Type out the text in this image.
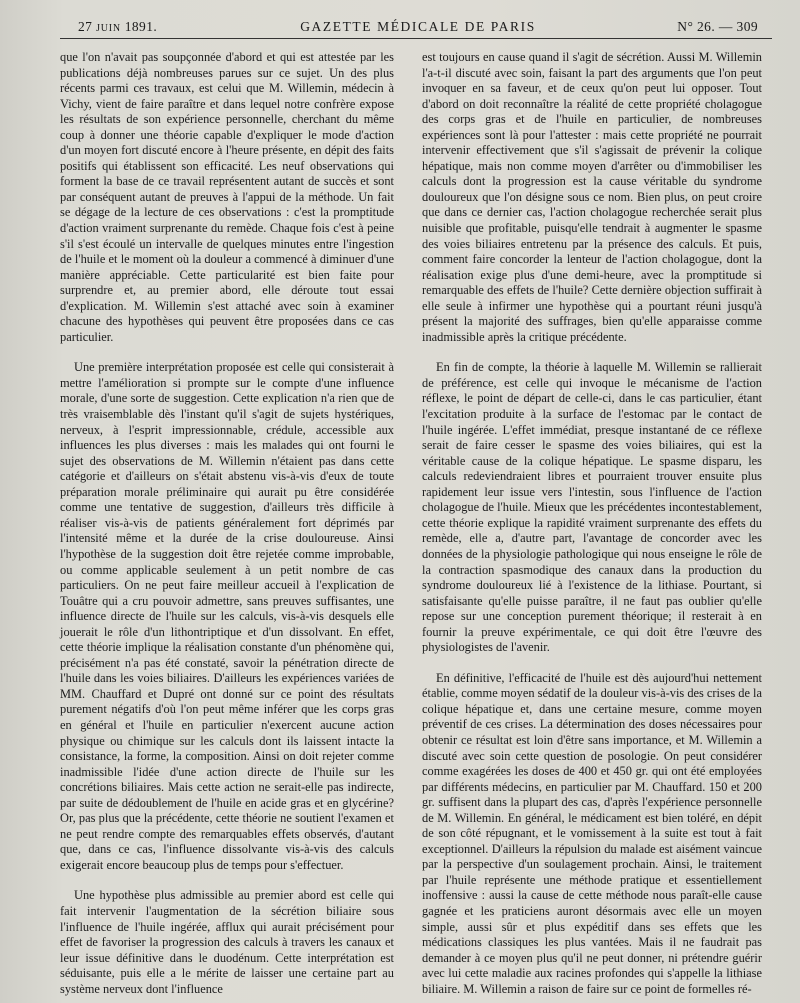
27 JUIN 1891.	GAZETTE MÉDICALE DE PARIS	N° 26. — 309

que l'on n'avait pas soupçonnée d'abord et qui est attestée par les publications déjà nombreuses parues sur ce sujet. Un des plus récents parmi ces travaux, est celui que M. Willemin, médecin à Vichy, vient de faire paraître et dans lequel notre confrère expose les résultats de son expérience personnelle, cherchant du même coup à donner une théorie capable d'expliquer le mode d'action d'un moyen fort discuté encore à l'heure présente, en dépit des faits positifs qui établissent son efficacité. Les neuf observations qui forment la base de ce travail représentent autant de succès et sont par conséquent autant de preuves à l'appui de la méthode. Un fait se dégage de la lecture de ces observations : c'est la promptitude d'action vraiment surprenante du remède. Chaque fois c'est à peine s'il s'est écoulé un intervalle de quelques minutes entre l'ingestion de l'huile et le moment où la douleur a commencé à diminuer d'une manière appréciable. Cette particularité est bien faite pour surprendre et, au premier abord, elle déroute tout essai d'explication. M. Willemin s'est attaché avec soin à examiner chacune des hypothèses qui peuvent être proposées dans ce cas particulier.

Une première interprétation proposée est celle qui consisterait à mettre l'amélioration si prompte sur le compte d'une influence morale, d'une sorte de suggestion. Cette explication n'a rien que de très vraisemblable dès l'instant qu'il s'agit de sujets hystériques, nerveux, à l'esprit impressionnable, crédule, accessible aux influences les plus diverses : mais les malades qui ont fourni le sujet des observations de M. Willemin n'étaient pas dans cette catégorie et d'ailleurs on s'était abstenu vis-à-vis d'eux de toute préparation morale préliminaire qui aurait pu être considérée comme une tentative de suggestion, d'ailleurs très difficile à réaliser vis-à-vis de patients généralement fort déprimés par l'intensité même et la durée de la crise douloureuse. Ainsi l'hypothèse de la suggestion doit être rejetée comme improbable, ou comme applicable seulement à un petit nombre de cas particuliers. On ne peut faire meilleur accueil à l'explication de Touâtre qui a cru pouvoir admettre, sans preuves suffisantes, une influence directe de l'huile sur les calculs, vis-à-vis desquels elle jouerait le rôle d'un lithontriptique et d'un dissolvant. En effet, cette théorie implique la réalisation constante d'un phénomène qui, précisément n'a pas été constaté, savoir la pénétration directe de l'huile dans les voies biliaires. D'ailleurs les expériences variées de MM. Chauffard et Dupré ont donné sur ce point des résultats purement négatifs d'où l'on peut même inférer que les corps gras en général et l'huile en particulier n'exercent aucune action physique ou chimique sur les calculs dont ils laissent intacte la consistance, la forme, la composition. Ainsi on doit rejeter comme inadmissible l'idée d'une action directe de l'huile sur les concrétions biliaires. Mais cette action ne serait-elle pas indirecte, par suite de dédoublement de l'huile en acide gras et en glycérine? Or, pas plus que la précédente, cette théorie ne soutient l'examen et ne peut rendre compte des remarquables effets observés, d'autant que, dans ce cas, l'influence dissolvante vis-à-vis des calculs exigerait encore beaucoup plus de temps pour s'effectuer.

Une hypothèse plus admissible au premier abord est celle qui fait intervenir l'augmentation de la sécrétion biliaire sous l'influence de l'huile ingérée, afflux qui aurait précisément pour effet de favoriser la progression des calculs à travers les canaux et leur issue définitive dans le duodénum. Cette interprétation est séduisante, puis elle a le mérite de laisser une certaine part au système nerveux dont l'influence

est toujours en cause quand il s'agit de sécrétion. Aussi M. Willemin l'a-t-il discuté avec soin, faisant la part des arguments que l'on peut invoquer en sa faveur, et de ceux qu'on peut lui opposer. Tout d'abord on doit reconnaître la réalité de cette propriété cholagogue des corps gras et de l'huile en particulier, de nombreuses expériences sont là pour l'attester : mais cette propriété ne pourrait intervenir effectivement que s'il s'agissait de prévenir la colique hépatique, mais non comme moyen d'arrêter ou d'immobiliser les calculs dont la progression est la cause véritable du syndrome douloureux que l'on désigne sous ce nom. Bien plus, on peut croire que dans ce dernier cas, l'action cholagogue recherchée serait plus nuisible que profitable, puisqu'elle tendrait à augmenter le spasme des voies biliaires entretenu par la présence des calculs. Et puis, comment faire concorder la lenteur de l'action cholagogue, dont la réalisation exige plus d'une demi-heure, avec la promptitude si remarquable des effets de l'huile? Cette dernière objection suffirait à elle seule à infirmer une hypothèse qui a pourtant réuni jusqu'à présent la majorité des suffrages, bien qu'elle apparaisse comme inadmissible après la critique précédente.

En fin de compte, la théorie à laquelle M. Willemin se rallierait de préférence, est celle qui invoque le mécanisme de l'action réflexe, le point de départ de celle-ci, dans le cas particulier, étant l'excitation produite à la surface de l'estomac par le contact de l'huile ingérée. L'effet immédiat, presque instantané de ce réflexe serait de faire cesser le spasme des voies biliaires, qui est la véritable cause de la colique hépatique. Le spasme disparu, les calculs redeviendraient libres et pourraient trouver ensuite plus rapidement leur issue vers l'intestin, sous l'influence de l'action cholagogue de l'huile. Mieux que les précédentes incontestablement, cette théorie explique la rapidité vraiment surprenante des effets du remède, elle a, d'autre part, l'avantage de concorder avec les données de la physiologie pathologique qui nous enseigne le rôle de la contraction spasmodique des canaux dans la production du syndrome douloureux lié à l'existence de la lithiase. Pourtant, si satisfaisante qu'elle puisse paraître, il ne faut pas oublier qu'elle repose sur une conception purement théorique; il resterait à en fournir la preuve expérimentale, ce qui doit être l'œuvre des physiologistes de l'avenir.

En définitive, l'efficacité de l'huile est dès aujourd'hui nettement établie, comme moyen sédatif de la douleur vis-à-vis des crises de la colique hépatique et, dans une certaine mesure, comme moyen préventif de ces crises. La détermination des doses nécessaires pour obtenir ce résultat est loin d'être sans importance, et M. Willemin a discuté avec soin cette question de posologie. On peut considérer comme exagérées les doses de 400 et 450 gr. qui ont été employées par différents médecins, en particulier par M. Chauffard. 150 et 200 gr. suffisent dans la plupart des cas, d'après l'expérience personnelle de M. Willemin. En général, le médicament est bien toléré, en dépit de son côté répugnant, et le vomissement à la suite est tout à fait exceptionnel. D'ailleurs la répulsion du malade est aisément vaincue par la perspective d'un soulagement prochain. Ainsi, le traitement par l'huile représente une méthode pratique et essentiellement inoffensive : aussi la cause de cette méthode nous paraît-elle cause gagnée et les praticiens auront désormais avec elle un moyen simple, aussi sûr et plus expéditif dans ses effets que les médications classiques les plus vantées. Mais il ne faudrait pas demander à ce moyen plus qu'il ne peut donner, ni prétendre guérir avec lui cette maladie aux racines profondes qui s'appelle la lithiase biliaire. M. Willemin a raison de faire sur ce point de formelles ré-
